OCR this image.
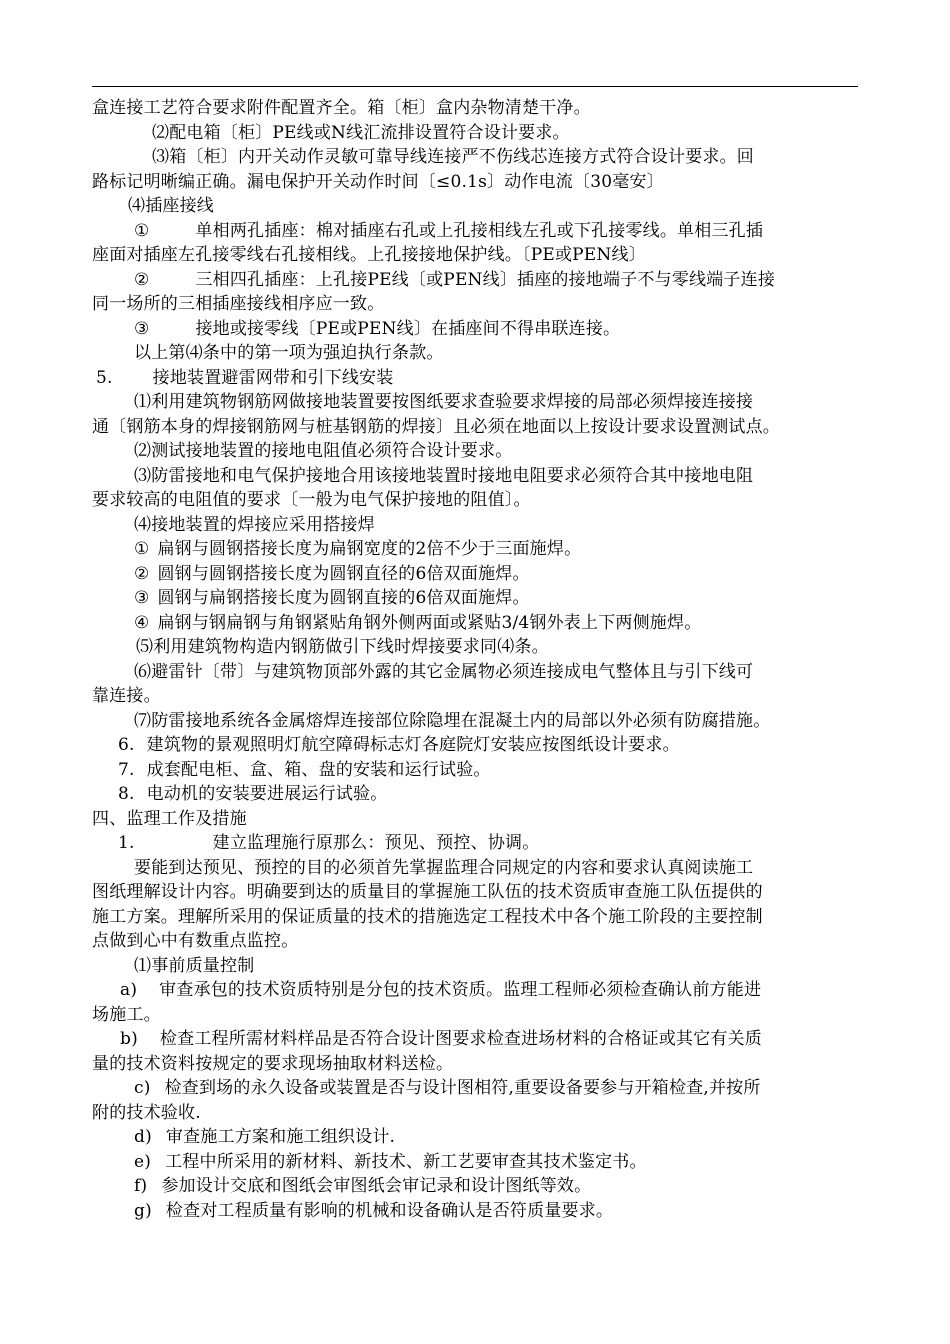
盒连接工艺符合要求附件配置齐全。箱〔柜〕盒内杂物清楚干净。
⑵配电箱〔柜〕PE线或N线汇流排设置符合设计要求。
⑶箱〔柜〕内开关动作灵敏可靠导线连接严不伤线芯连接方式符合设计要求。回
路标记明晰编正确。漏电保护开关动作时间〔≤0.1s〕动作电流〔30毫安〕
⑷插座接线
①	单相两孔插座：棉对插座右孔或上孔接相线左孔或下孔接零线。单相三孔插
座面对插座左孔接零线右孔接相线。上孔接接地保护线。〔PE或PEN线〕
②	三相四孔插座：上孔接PE线〔或PEN线〕插座的接地端子不与零线端子连接
同一场所的三相插座接线相序应一致。
③	接地或接零线〔PE或PEN线〕在插座间不得串联连接。
以上第⑷条中的第一项为强迫执行条款。
5. 接地装置避雷网带和引下线安装
⑴利用建筑物钢筋网做接地装置要按图纸要求查验要求焊接的局部必须焊接连接接
通〔钢筋本身的焊接钢筋网与桩基钢筋的焊接〕且必须在地面以上按设计要求设置测试点。
⑵测试接地装置的接地电阻值必须符合设计要求。
⑶防雷接地和电气保护接地合用该接地装置时接地电阻要求必须符合其中接地电阻
要求较高的电阻值的要求〔一般为电气保护接地的阻值〕。
⑷接地装置的焊接应采用搭接焊
① 扁钢与圆钢搭接长度为扁钢宽度的2倍不少于三面施焊。
② 圆钢与圆钢搭接长度为圆钢直径的6倍双面施焊。
③ 圆钢与扁钢搭接长度为圆钢直接的6倍双面施焊。
④ 扁钢与钢扁钢与角钢紧贴角钢外侧两面或紧贴3/4钢外表上下两侧施焊。
⑸利用建筑物构造内钢筋做引下线时焊接要求同⑷条。
⑹避雷针〔带〕与建筑物顶部外露的其它金属物必须连接成电气整体且与引下线可
靠连接。
⑺防雷接地系统各金属熔焊连接部位除隐埋在混凝土内的局部以外必须有防腐措施。
6. 建筑物的景观照明灯航空障碍标志灯各庭院灯安装应按图纸设计要求。
7. 成套配电柜、盒、箱、盘的安装和运行试验。
8. 电动机的安装要进展运行试验。
四、监理工作及措施
1.	建立监理施行原那么：预见、预控、协调。
要能到达预见、预控的目的必须首先掌握监理合同规定的内容和要求认真阅读施工
图纸理解设计内容。明确要到达的质量目的掌握施工队伍的技术资质审查施工队伍提供的
施工方案。理解所采用的保证质量的技术的措施选定工程技术中各个施工阶段的主要控制
点做到心中有数重点监控。
⑴事前质量控制
a) 审查承包的技术资质特别是分包的技术资质。监理工程师必须检查确认前方能进
场施工。
b) 检查工程所需材料样品是否符合设计图要求检查进场材料的合格证或其它有关质
量的技术资料按规定的要求现场抽取材料送检。
c) 检查到场的永久设备或装置是否与设计图相符,重要设备要参与开箱检查,并按所
附的技术验收.
d) 审查施工方案和施工组织设计.
e) 工程中所采用的新材料、新技术、新工艺要审查其技术鉴定书。
f) 参加设计交底和图纸会审图纸会审记录和设计图纸等效。
g) 检查对工程质量有影响的机械和设备确认是否符质量要求。
